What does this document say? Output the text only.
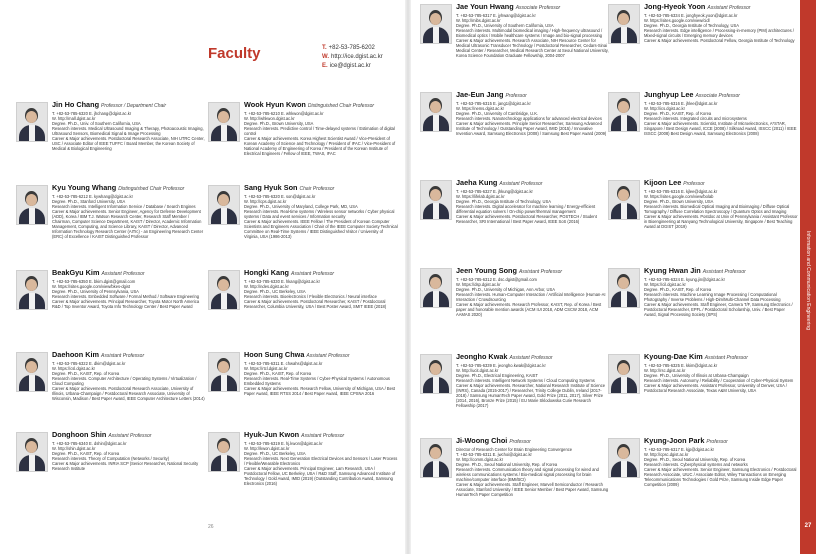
Faculty	T. +82-53-785-6202
W. http://ice.dgist.ac.kr
E. ice@dgist.ac.kr
Jin Ho Chang Professor / Department Chair
T. +82-53-785-6320 E. jhchang@dgist.ac.kr
W. http://mall.dgist.ac.kr
Degree. Ph.D., Univ. of Southern California, USA
Research interests. Medical Ultrasound Imaging & Therapy, Photoacoustic Imaging, Ultrasound Sensors, Biomedical Signal & Image Processing
Career & Major achievements. Postdoctoral Research Associate, NIH UTRC Center, USC / Associate Editor of IEEE TUFFC / Board Member, the Korean Society of Medical & Biological Engineering
Wook Hyun Kwon Distinguished Chair Professor
T. +82-53-785-6210 E. whkwon@dgist.ac.kr
W. http://whkwon.dgist.ac.kr
Degree. Ph.D., Brown University, USA
Research interests. Predictive control / Time-delayed systems / Estimation of digital control
Career & Major achievements. Korea Highest Scientist Award / Vice-President of Korean Academy of Science and Technology / President of IFAC / Vice-President of National Academy of Engineering of Korea / President of the Korean Institute of Electrical Engineers / Fellow of IEEE, TWAS, IFAC
Kyu Young Whang Distinguished Chair Professor
T. +82-53-785-6212 E. kywhang@dgist.ac.kr
Degree. Ph.D., Stanford University, USA
Research interests. Intelligent Information Service / Database / Search Engines
Career & Major achievements. Senior Engineer, Agency for Defense Development (ADD), Korea / IBM T.J. Watson Research Center, Research Staff Member / Chairman, Computer Science Department, KAIST / Director, Academic Information Management, Computing, and Science Library, KAIST / Director, Advanced Information Technology Research Center (AITrc) - an Engineering Research Center (ERC) of Excellence / KAIST Distinguished Professor
Sang Hyuk Son Chair Professor
T. +82-53-785-6320 E. son@dgist.ac.kr
W. http://cps.dgist.ac.kr
Degree. Ph.D., University of Maryland, College Park, MD, USA
Research interests. Real-time systems / Wireless sensor networks / Cyber physical systems / Data and event services / Information security
Career & Major achievements. IEEE Fellow / The President of Korean Computer Scientists and Engineers Association / Chair of the IEEE Computer Society Technical Committee on Real-Time Systems / IEEE Distinguished Visitor / University of Virginia, USA (1986-2013)
BeakGyu Kim Assistant Professor
T. +82-53-785-6350 E. bkim.dgist@gmail.com
W. https://sites.google.com/view/bkes-dgist
Degree. Ph.D., University of Pennsylvania, USA
Research interests. Embedded Software / Formal Method / Software Engineering
Career & Major achievements. Principal Researcher, Toyota Motor North America R&D / Top Inventor Award, Toyota Info Technology Center / Best Paper Award
Hongki Kang Assistant Professor
T. +82-53-785-6330 E. hkang@dgist.ac.kr
W. http://ndes.dgist.ac.kr
Degree. Ph.D., UC Berkeley, USA
Research interests. Bioelectronics / Flexible Electronics / Neural interface
Career & Major achievements. Postdoctoral Researcher, KAIST / Postdoctoral Researcher, Columbia University, USA / Best Poster Award, SMIT IEEE (2018)
Daehoon Kim Assistant Professor
T. +82-53-785-6322 E. dkim@dgist.ac.kr
W. https://csl.dgist.ac.kr
Degree. Ph.D., KAIST, Rep. of Korea
Research interests. Computer Architecture / Operating Systems / Virtualization / Cloud Computing
Career & Major achievements. Postdoctoral Research Associate, University of Illinois, Urbana-Champaign / Postdoctoral Research Associate, University of Wisconsin, Madison / Best Paper Award, IEEE Computer Architecture Letters (2014)
Hoon Sung Chwa Assistant Professor
T. +82-53-785-6311 E. chwahs@dgist.ac.kr
W. https://rtcl.dgist.ac.kr
Degree. Ph.D., KAIST, Rep. of Korea
Research interests. Real-Time Systems / Cyber-Physical Systems / Autonomous Embedded Systems
Career & Major achievements. Research Fellow, University of Michigan, USA / Best Paper Award, IEEE RTSS 2014 / Best Paper Award, IEEE CPSNA 2016
Donghoon Shin Assistant Professor
T. +82-53-785-6340 E. dshin@dgist.ac.kr
W. http://shin.dgist.ac.kr
Degree. Ph.D., KAIST, Rep. of Korea
Research interests. Theory of Computation (Networks / Security)
Career & Major achievements. INRIA SCP (Senior Researcher, National Security Research Institute
Hyuk-Jun Kwon Assistant Professor
T. +82-53-785-6319 E. hj.kwon@dgist.ac.kr
W. http://kwon.dgist.ac.kr
Degree. Ph.D., UC Berkeley, USA
Research interests. Next Generation Electrical Devices and Sensors / Laser Process / Flexible/Wearable Electronics
Career & Major achievements. Principal Engineer, Lam Research, USA / Postdoctoral Fellow, UC Berkeley, USA / R&D Staff, Samsung Advanced Institute of Technology / Gold Award, IMID (2019) (Outstanding Contribution Award, Samsung Electronics (2016)
Jae Youn Hwang Associate Professor
T. +82-53-785-6317 E. jyhwang@dgist.ac.kr
W. http://mibs.dgist.ac.kr
Degree. Ph.D., University of Southern California, USA
Research interests. Multimodal biomedical imaging / High-frequency ultrasound / Biomedical optics / Mobile healthcare systems / Image and bio-signal processing
Career & Major achievements. Research Associate, NIH Resource Center for Medical Ultrasonic Transducer Technology / Postdoctoral Researcher, Cedars-Sinai Medical Center / Researcher, Medical Research Center at Seoul National University, Korea Science Foundation Graduate Fellowship, 2004-2007
Jong-Hyeok Yoon Assistant Professor
T. +82-53-785-6334 E. jonghyeok.yoon@dgist.ac.kr
W. https://sites.google.com/view/cidl
Degree. Ph.D., Georgia Institute of Technology, USA
Research interests. Edge intelligence / Processing-in-memory (PIM) architectures / Mixed-signal circuits / Emerging memory devices
Career & Major achievements. Postdoctoral Fellow, Georgia Institute of Technology
Jae-Eun Jang Professor
T. +82-53-785-6315 E. jang1@dgist.ac.kr
W. https://nems.dgist.ac.kr
Degree. Ph.D., University of Cambridge, U.K.
Research interests. Nanotechnology applications for advanced electrical devices
Career & Major achievements. Principle Senior Researcher, Samsung Advanced Institute of Technology / Outstanding Paper Award, IMID (2015) / Innovative Invention Award, Samsung Electronics (2008) / Samsung Best Paper Award (2009)
Junghyup Lee Associate Professor
T. +82-53-785-6316 E. jhlee@dgist.ac.kr
W. http://ics.dgist.ac.kr
Degree. Ph.D., KAIST, Rep. of Korea
Research interests. Integrated circuits and microsystems
Career & Major achievements. Scientist, Institute of Microelectronics, A*STAR, Singapore / Best Design Award, ICCE (2008) / Silkroad Award, ISSCC (2011) / IEEE ISSCC (2008) Best Design Award, Samsung Electronics (2008)
Jaeha Kung Assistant Professor
T. +82-53-785-6327 E. jhkung@dgist.ac.kr
W. https://lifelab.dgist.ac.kr
Degree. Ph.D., Georgia Institute of Technology, USA
Research interests. Digital accelerator for machine learning / Energy-efficient differential equation solvers / On-chip power/thermal management
Career & Major achievements. Postdoctoral Researcher, POSTECH / Student Researcher, SRI International / Best Paper Award, IEEE SoS (2016)
Kijoon Lee Professor
T. +82-53-785-6316 E. kjlee@dgist.ac.kr
W. https://sites.google.com/view/bolab
Degree. Ph.D., Brown University, USA
Research interests. Biomedical Optical Imaging and Bioimaging / Diffuse Optical Tomography / Diffuse Correlation Spectroscopy / Quantum Optics and Imaging
Career & Major achievements. Postdoc at Univ of Pennsylvania / Assistant Professor in Bioengineering at Nanyang Technological University, Singapore / Best Teaching Award at DGIST (2019)
Jeen Young Song Assistant Professor
T. +82-53-785-6312 E. dsc.dgist@gmail.com
W. https://dsp.dgist.ac.kr
Degree. Ph.D., University of Michigan, Ann Arbor, USA
Research interests. Human-Computer Interaction / Artificial Intelligence (Human-AI Interaction / Crowdsourcing
Career & Major achievements. Research Professor, KAIST, Rep. of Korea / Best paper and honorable mention awards (ACM IUI 2018, ADM CSCW 2018, ACM AAMAS 2020)
Kyung Hwan Jin Assistant Professor
T. +82-53-785-6324 E. kyung.jin@dgist.ac.kr
W. https://cil.dgist.ac.kr
Degree. Ph.D., KAIST, Rep. of Korea
Research interests. Machine Learning Image Processing / Computational Photography / Inverse Problems / High-Dim/Multi-Channel Data Processing
Career & Major achievements. Staff Engineer, Camera T/F, Samsung Electronics / Postdoctoral Researcher, EPFL / Postdoctoral Scholarship, Univ. / Best Paper Award, Signal Processing Society (SPS)
Jeongho Kwak Assistant Professor
T. +82-53-785-6339 E. jeongho.kwak@dgist.ac.kr
W. http://ucit.dgist.ac.kr
Degree. Ph.D., Electrical Engineering, KAIST
Research interests. Intelligent Network Systems / Cloud Computing Systems
Career & Major achievements. Researcher, National Research Institute of Science (INRS), Canada (2015-2017) / Researcher, Trinity College Dublin, Ireland (2017-2018) / Samsung HumanTech Paper Award, Gold Prize (2011, 2017), Silver Prize (2014, 2016), Bronze Prize (2015) / EU Marie Sklodowska Curie Research Fellowship (2017)
Kyoung-Dae Kim Assistant Professor
T. +82-53-785-6325 E. kkim@dgist.ac.kr
W. http://rsc.dgist.ac.kr
Degree. Ph.D., University of Illinois at Urbana-Champaign
Research interests. Autonomy / Reliability / Cooperation of Cyber-Physical System
Career & Major achievements. Assistant Professor, University of Denver, USA / Postdoctoral Research Associate, Texas A&M University, USA
Ji-Woong Choi Professor
Director of Research Center for Brain Engineering Convergence
T. +82-53-785-6311 E. jwchoi@dgist.ac.kr
W. http://comm.dgist.ac.kr
Degree. Ph.D., Seoul National University, Rep. of Korea
Research interests. Communication theory and signal processing for wired and wireless communications systems / Bio-medical signal processing for brain machine/computer interface (BMI/BCI)
Career & Major achievements. Staff Engineer, Marvell Semiconductor / Research Associate, Stanford University / IEEE Senior Member / Best Paper Award, Samsung HumanTech Paper Competition
Kyung-Joon Park Professor
T. +82-53-785-6317 E. kjp@dgist.ac.kr
W. http://cpsc.dgist.ac.kr
Degree. Ph.D., Seoul National University, Rep. of Korea
Research interests. Cyberphysical systems and networks
Career & Major achievements. Senior Engineer, Samsung Electronics / Postdoctoral Research Associate, UIUC / Associate Editor, Wiley Transactions on Emerging Telecommunications Technologies / Gold Prize, Samsung Inside Edge Paper Competition (2009)
26
Information and Communication Engineering
27
